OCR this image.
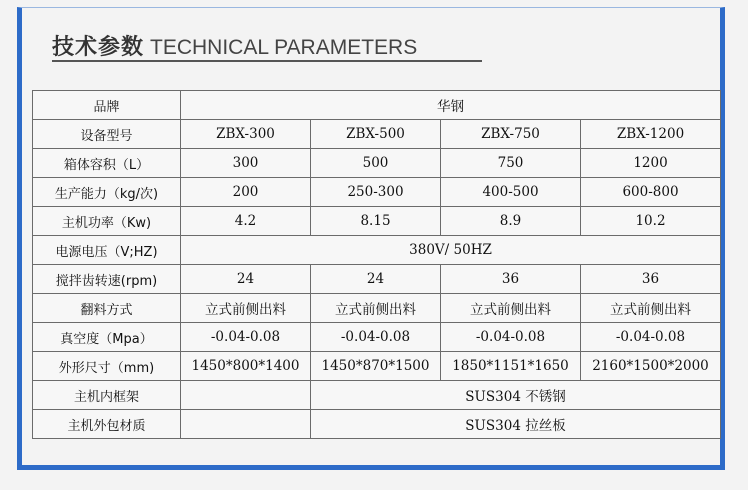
技术参数 TECHNICAL PARAMETERS
品牌	华钢			
设备型号	ZBX-300	ZBX-500	ZBX-750	ZBX-1200
箱体容积（L）	300	500	750	1200
生产能力（kg/次)	200	250-300	400-500	600-800
主机功率（Kw)	4.2	8.15	8.9	10.2
电源电压（V;HZ)	380V/ 50HZ			
搅拌齿转速(rpm)	24	24	36	36
翻料方式	立式前侧出料	立式前侧出料	立式前侧出料	立式前侧出料
真空度（Mpa）	-0.04-0.08	-0.04-0.08	-0.04-0.08	-0.04-0.08
外形尺寸（mm)	1450*800*1400	1450*870*1500	1850*1151*1650	2160*1500*2000
主机内框架		SUS304 不锈钢		
主机外包材质		SUS304 拉丝板		
